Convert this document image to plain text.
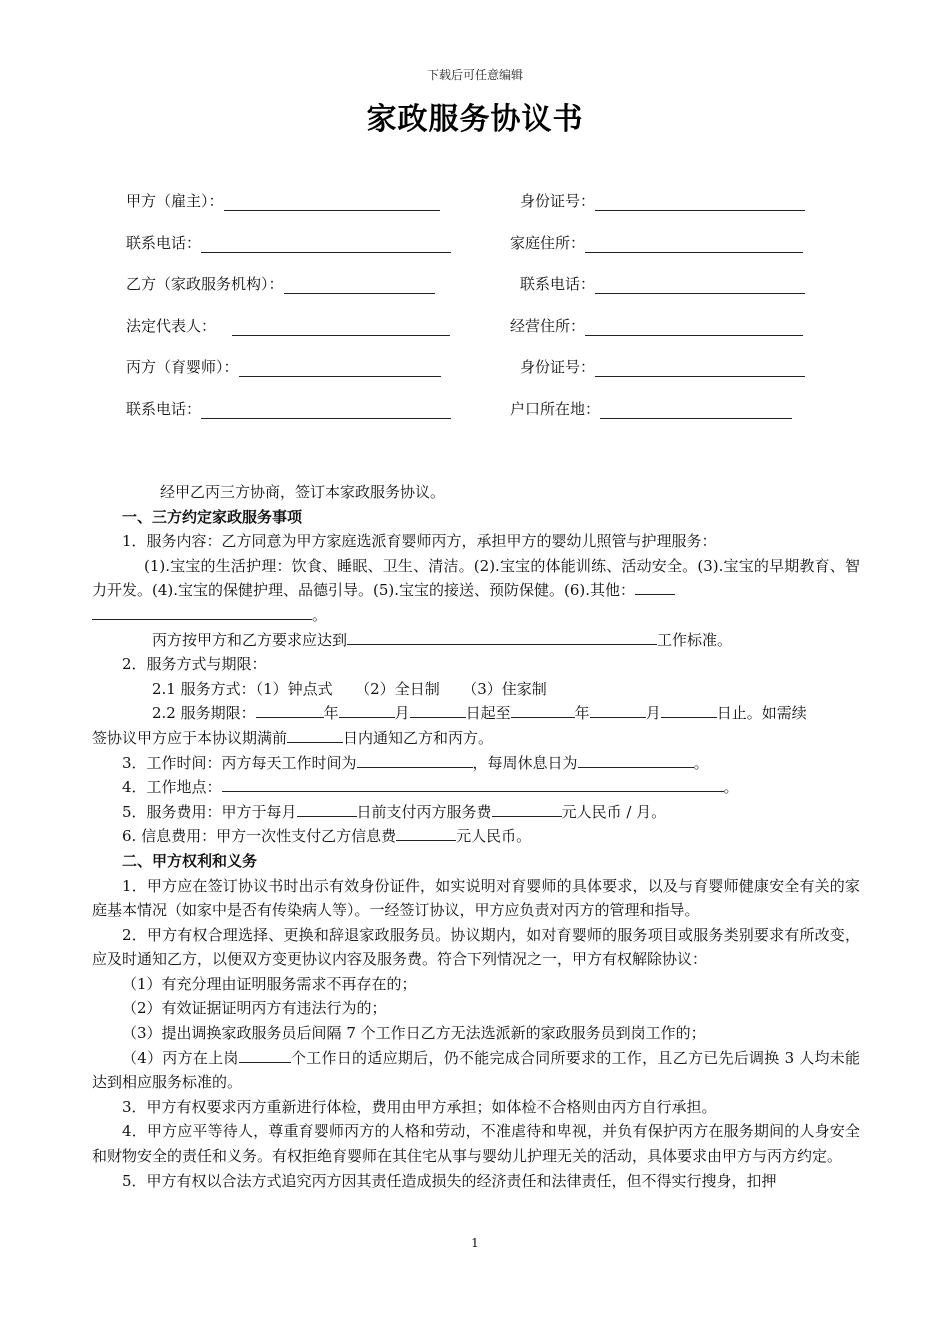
下载后可任意编辑
家政服务协议书
甲方（雇主）：	身份证号：
联系电话：	家庭住所：
乙方（家政服务机构）：	联系电话：
法定代表人：	经营住所：
丙方（育婴师）：	身份证号：
联系电话：	户口所在地：

经甲乙丙三方协商，签订本家政服务协议。

一、三方约定家政服务事项

1．服务内容：乙方同意为甲方家庭选派育婴师丙方，承担甲方的婴幼儿照管与护理服务：

(1).宝宝的生活护理：饮食、睡眠、卫生、清洁。(2).宝宝的体能训练、活动安全。(3).宝宝的早期教育、智力开发。(4).宝宝的保健护理、品德引导。(5).宝宝的接送、预防保健。(6).其他：
。

丙方按甲方和乙方要求应达到	工作标准。

2．服务方式与期限：

2.1 服务方式：（1）钟点式　　（2）全日制　　（3）住家制

2.2 服务期限：	年	月	日起至	年	月	日止。如需续

签协议甲方应于本协议期满前	日内通知乙方和丙方。

3．工作时间：丙方每天工作时间为	，每周休息日为	。

4．工作地点：	。

5．服务费用：甲方于每月	日前支付丙方服务费	元人民币 / 月。

6. 信息费用：甲方一次性支付乙方信息费	元人民币。

二、甲方权利和义务

1．甲方应在签订协议书时出示有效身份证件，如实说明对育婴师的具体要求，以及与育婴师健康安全有关的家庭基本情况（如家中是否有传染病人等）。一经签订协议，甲方应负责对丙方的管理和指导。

2．甲方有权合理选择、更换和辞退家政服务员。协议期内，如对育婴师的服务项目或服务类别要求有所改变，应及时通知乙方，以便双方变更协议内容及服务费。符合下列情况之一，甲方有权解除协议：

（1）有充分理由证明服务需求不再存在的；

（2）有效证据证明丙方有违法行为的；

（3）提出调换家政服务员后间隔 7 个工作日乙方无法选派新的家政服务员到岗工作的；

（4）丙方在上岗	个工作日的适应期后，仍不能完成合同所要求的工作，且乙方已先后调换 3 人均未能达到相应服务标准的。

3．甲方有权要求丙方重新进行体检，费用由甲方承担；如体检不合格则由丙方自行承担。

4．甲方应平等待人，尊重育婴师丙方的人格和劳动，不准虐待和卑视，并负有保护丙方在服务期间的人身安全和财物安全的责任和义务。有权拒绝育婴师在其住宅从事与婴幼儿护理无关的活动，具体要求由甲方与丙方约定。

5．甲方有权以合法方式追究丙方因其责任造成损失的经济责任和法律责任，但不得实行搜身，扣押

1
